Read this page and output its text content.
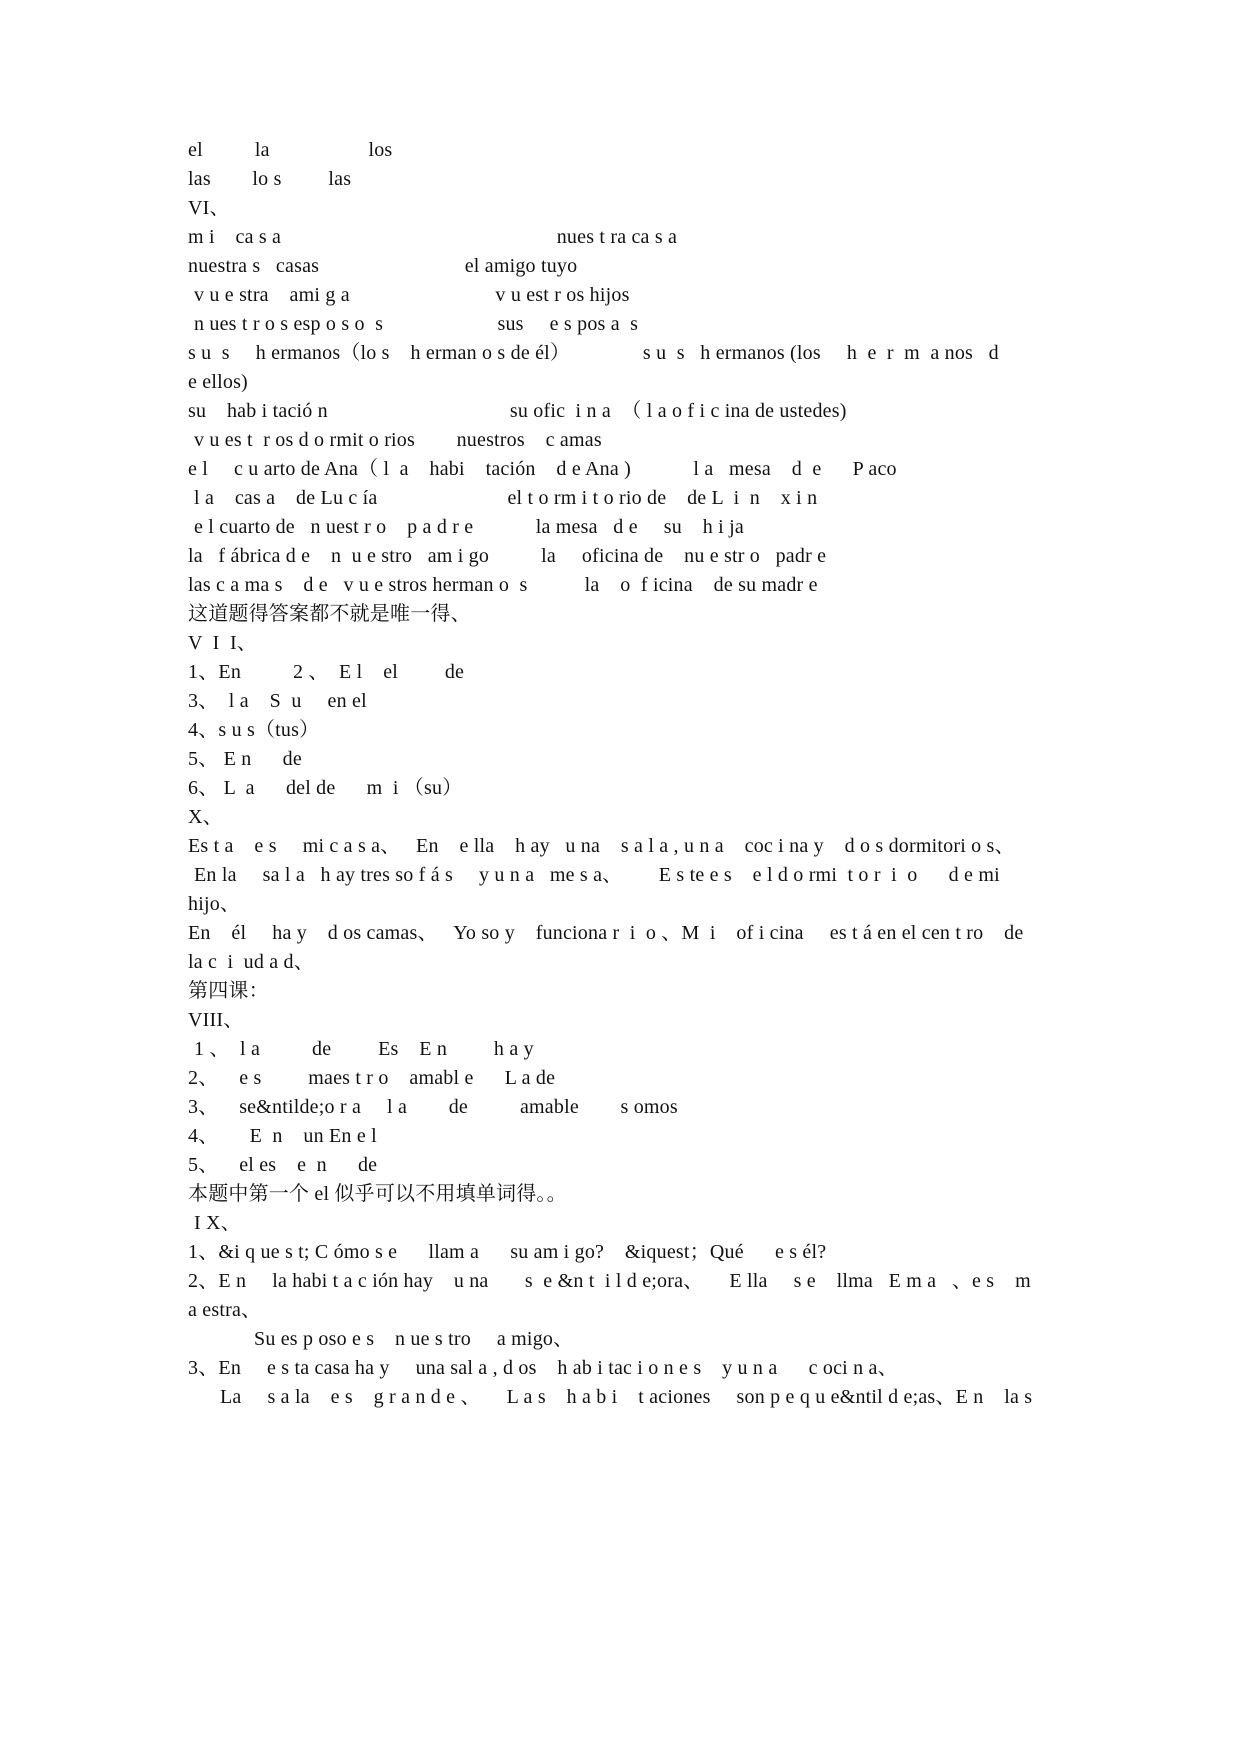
el          la                   los
las        lo s         las
VI、
m i    ca s a                                                     nues t ra ca s a
nuestra s   casas                            el amigo tuyo
v u e stra    ami g a                            v u est r os hijos
n ues t r o s esp o s o  s                      sus     e s pos a  s
s u  s     h ermanos（lo s    h erman o s de él）              s u  s   h ermanos (los     h  e  r  m  a nos   d
e ellos)
su    hab i tació n                                   su ofic  i n a  （ l a o f i c ina de ustedes)
v u es t  r os d o rmit o rios        nuestros    c amas
e l     c u arto de Ana（ l  a    habi    tación    d e Ana )            l a   mesa    d  e      P aco
l a    cas a    de Lu c ía                         el t o rm i t o rio de    de L  i  n    x i n
e l cuarto de   n uest r o    p a d r e            la mesa   d e     su    h i ja
la   f ábrica d e    n  u e stro   am i go          la     oficina de    nu e str o   padr e
las c a ma s    d e   v u e stros herman o  s           la    o  f icina    de su madr e
这道题得答案都不就是唯一得、
V  I  I、
1、En          2 、  E l    el         de
3、  l a    S  u     en el
4、s u s（tus）
5、 E n      de
6、 L  a      del de      m  i （su）
X、
Es t a    e s     mi c a s a、   En    e lla    h ay   u na    s a l a , u n a    coc i na y    d o s dormitori o s、
En la     sa l a   h ay tres so f á s     y u n a   me s a、       E s te e s    e l d o rmi  t o r  i  o      d e mi
hijo、
En    él     ha y    d os camas、   Yo so y    funciona r  i  o 、M  i    of i cina     es t á en el cen t ro    de
la c  i  ud a d、
第四课：
VIII、
1 、  l a          de         Es    E n         h a y
2、    e s         maes t r o    amabl e      L a de
3、    se&ntilde;o r a     l a        de          amable        s omos
4、      E  n    un En e l
5、    el es    e  n      de
本题中第一个 el 似乎可以不用填单词得。。
I X、
1、&i q ue s t; C ómo s e      llam a      su am i go?    &iquest；Qué      e s él?
2、E n     la habi t a c ión hay    u na       s  e &n t  i l d e;ora、     E lla     s e    llma   E m a   、e s    m
a estra、
Su es p oso e s    n ue s tro     a migo、
3、En     e s ta casa ha y     una sal a , d os    h ab i tac i o n e s    y u n a      c oci n a、
La     s a la    e s    g r a n d e 、     L a s    h a b i    t aciones     son p e q u e&ntil d e;as、E n    la s
